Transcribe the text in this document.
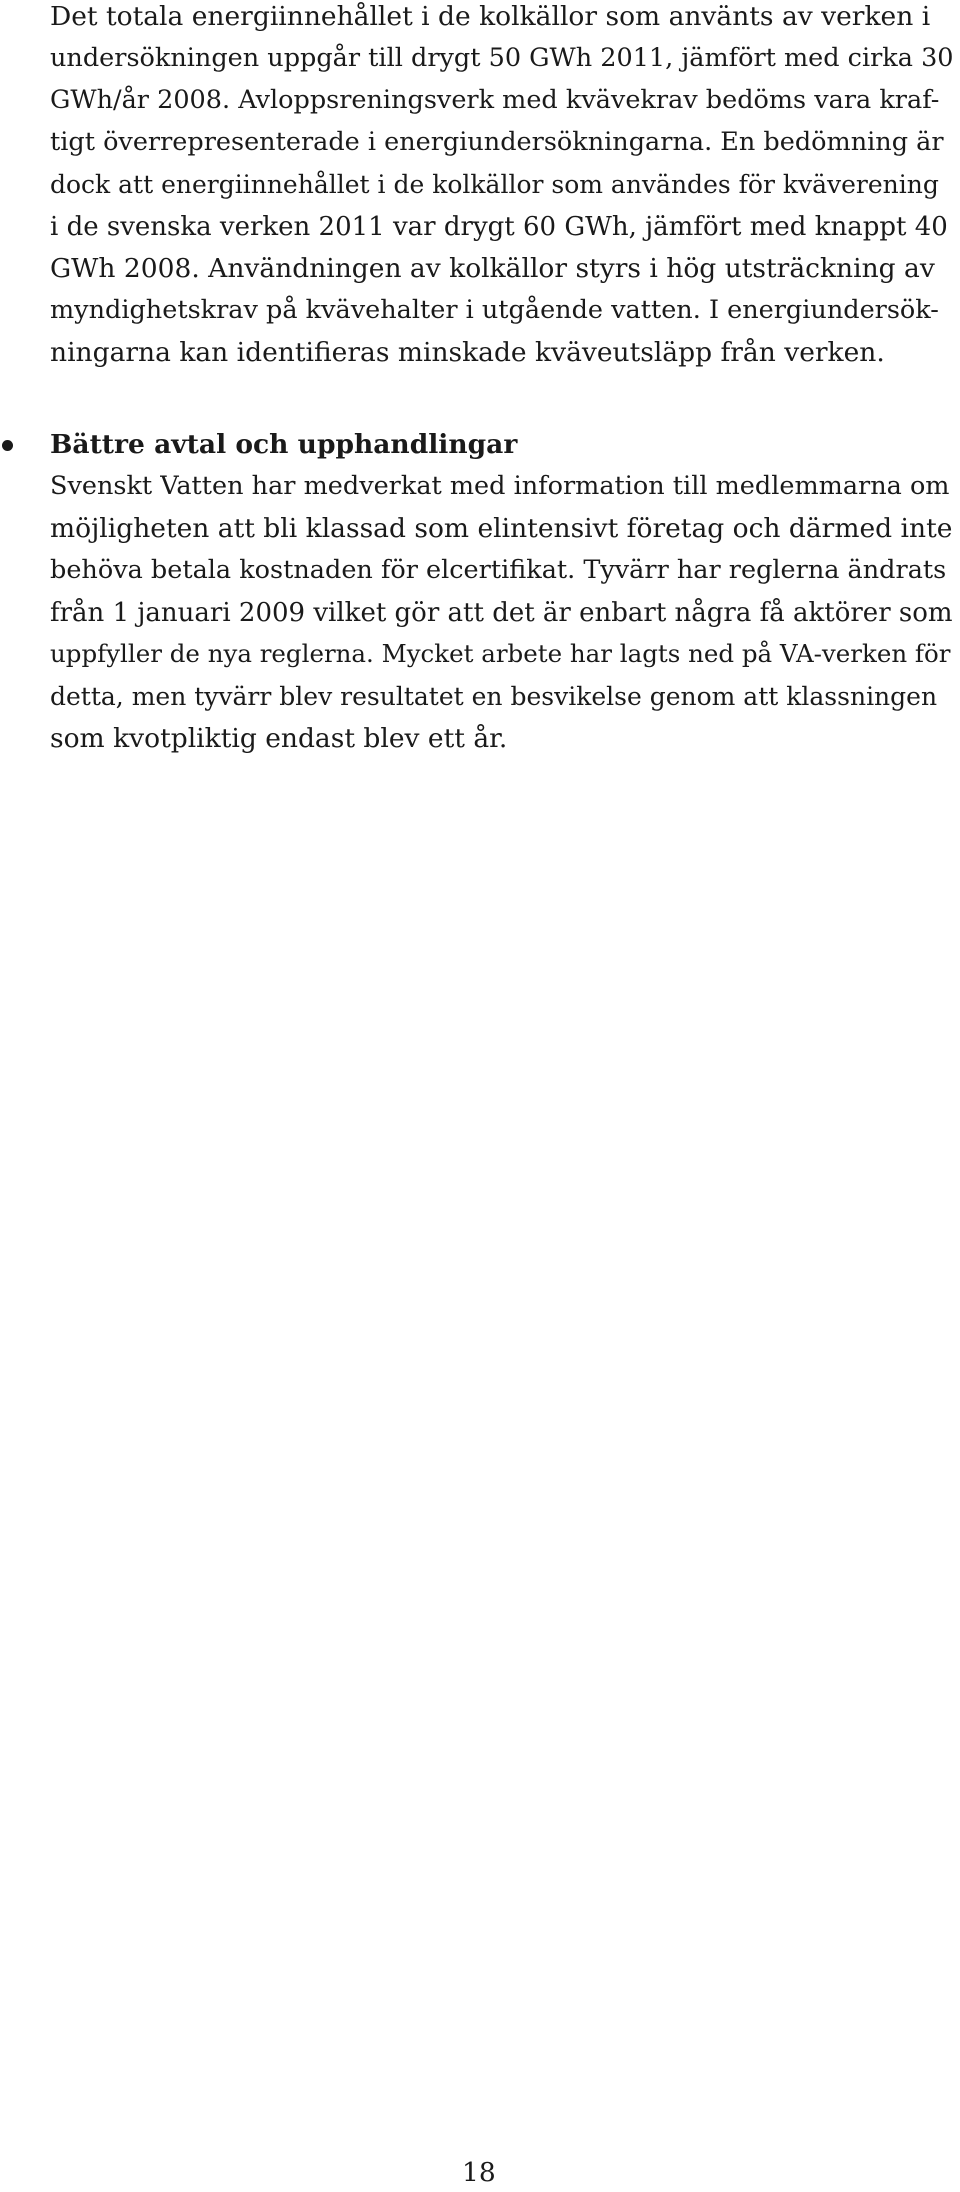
Det totala energiinnehållet i de kolkällor som använts av verken i
undersökningen uppgår till drygt 50 GWh 2011, jämfört med cirka 30
GWh/år 2008. Avloppsreningsverk med kvävekrav bedöms vara kraf-
tigt överrepresenterade i energiundersökningarna. En bedömning är
dock att energiinnehållet i de kolkällor som användes för kväverening
i de svenska verken 2011 var drygt 60 GWh, jämfört med knappt 40
GWh 2008. Användningen av kolkällor styrs i hög utsträckning av
myndighetskrav på kvävehalter i utgående vatten. I energiundersök-
ningarna kan identifieras minskade kväveutsläpp från verken.
Bättre avtal och upphandlingar
Svenskt Vatten har medverkat med information till medlemmarna om
möjligheten att bli klassad som elintensivt företag och därmed inte
behöva betala kostnaden för elcertifikat. Tyvärr har reglerna ändrats
från 1 januari 2009 vilket gör att det är enbart några få aktörer som
uppfyller de nya reglerna. Mycket arbete har lagts ned på VA-verken för
detta, men tyvärr blev resultatet en besvikelse genom att klassningen
som kvotpliktig endast blev ett år.
18
